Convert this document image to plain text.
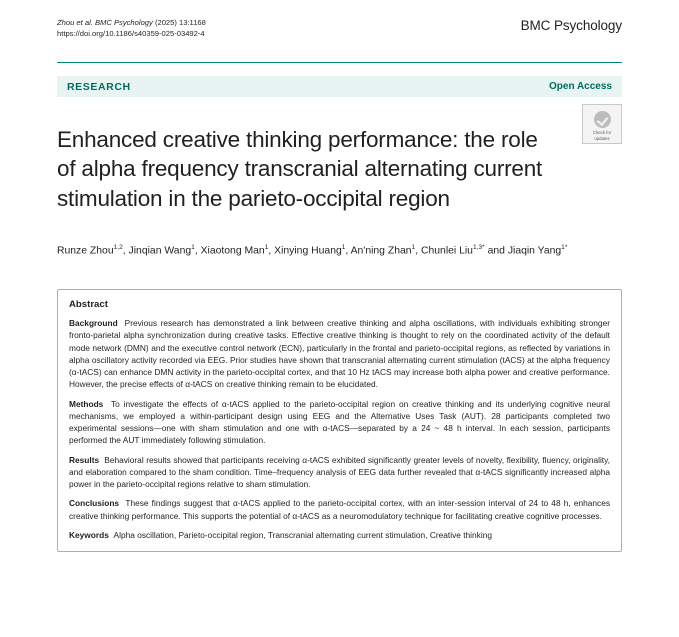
Zhou et al. BMC Psychology (2025) 13:1168
https://doi.org/10.1186/s40359-025-03492-4
BMC Psychology
RESEARCH	Open Access
Enhanced creative thinking performance: the role of alpha frequency transcranial alternating current stimulation in the parieto-occipital region
Check for
updates
Runze Zhou$^{1,2}$, Jinqian Wang$^1$, Xiaotong Man$^1$, Xinying Huang$^1$, An'ning Zhan$^1$, Chunlei Liu$^{1,3*}$ and Jiaqin Yang$^{1*}$
Abstract
Background Previous research has demonstrated a link between creative thinking and alpha oscillations, with individuals exhibiting stronger fronto-parietal alpha synchronization during creative tasks. Effective creative thinking is thought to rely on the coordinated activity of the default mode network (DMN) and the executive control network (ECN), particularly in the frontal and parieto-occipital regions, as reflected by variations in alpha oscillatory activity recorded via EEG. Prior studies have shown that transcranial alternating current stimulation (tACS) at the alpha frequency (α-tACS) can enhance DMN activity in the parieto-occipital cortex, and that 10 Hz tACS may increase both alpha power and creative performance. However, the precise effects of α-tACS on creative thinking remain to be elucidated.
Methods To investigate the effects of α-tACS applied to the parieto-occipital region on creative thinking and its underlying cognitive neural mechanisms, we employed a within-participant design using EEG and the Alternative Uses Task (AUT). 28 participants completed two experimental sessions—one with sham stimulation and one with α-tACS—separated by a 24 ~ 48 h interval. In each session, participants performed the AUT immediately following stimulation.
Results Behavioral results showed that participants receiving α-tACS exhibited significantly greater levels of novelty, flexibility, fluency, originality, and elaboration compared to the sham condition. Time–frequency analysis of EEG data further revealed that α-tACS significantly increased alpha power in the parieto-occipital regions relative to sham stimulation.
Conclusions These findings suggest that α-tACS applied to the parieto-occipital cortex, with an inter-session interval of 24 to 48 h, enhances creative thinking performance. This supports the potential of α-tACS as a neuromodulatory technique for facilitating creative cognitive processes.
Keywords Alpha oscillation, Parieto-occipital region, Transcranial alternating current stimulation, Creative thinking
